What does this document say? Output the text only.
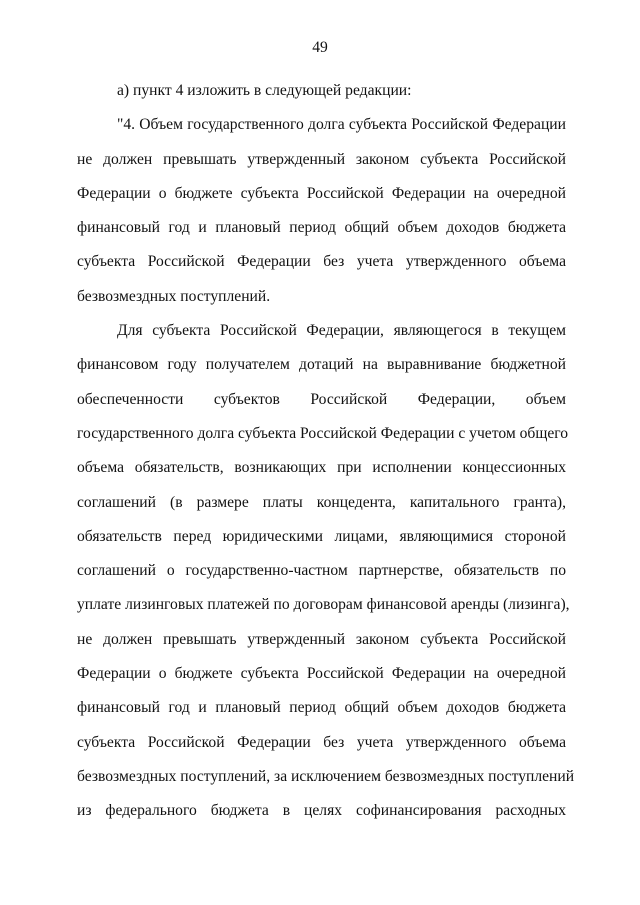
49
а) пункт 4 изложить в следующей редакции:
"4. Объем государственного долга субъекта Российской Федерации
не должен превышать утвержденный законом субъекта Российской
Федерации о бюджете субъекта Российской Федерации на очередной
финансовый год и плановый период общий объем доходов бюджета
субъекта Российской Федерации без учета утвержденного объема
безвозмездных поступлений.
Для субъекта Российской Федерации, являющегося в текущем
финансовом году получателем дотаций на выравнивание бюджетной
обеспеченности субъектов Российской Федерации, объем
государственного долга субъекта Российской Федерации с учетом общего
объема обязательств, возникающих при исполнении концессионных
соглашений (в размере платы концедента, капитального гранта),
обязательств перед юридическими лицами, являющимися стороной
соглашений о государственно-частном партнерстве, обязательств по
уплате лизинговых платежей по договорам финансовой аренды (лизинга),
не должен превышать утвержденный законом субъекта Российской
Федерации о бюджете субъекта Российской Федерации на очередной
финансовый год и плановый период общий объем доходов бюджета
субъекта Российской Федерации без учета утвержденного объема
безвозмездных поступлений, за исключением безвозмездных поступлений
из федерального бюджета в целях софинансирования расходных
